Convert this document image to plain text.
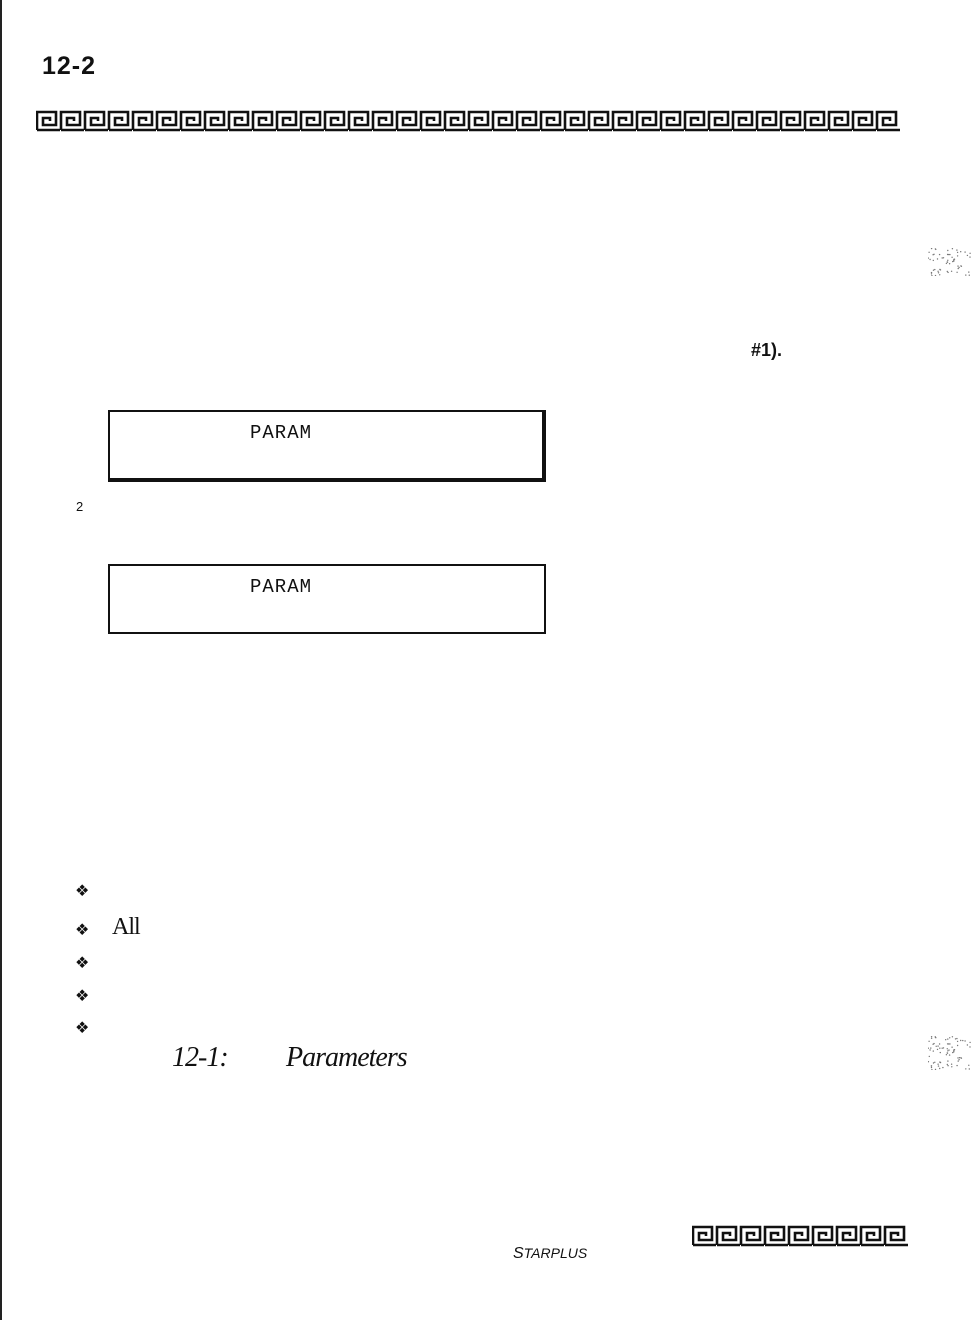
12-2
#1).
PARAM
2
PARAM
❖
❖ All
❖
❖
❖
12-1: Parameters
STARPLUS
